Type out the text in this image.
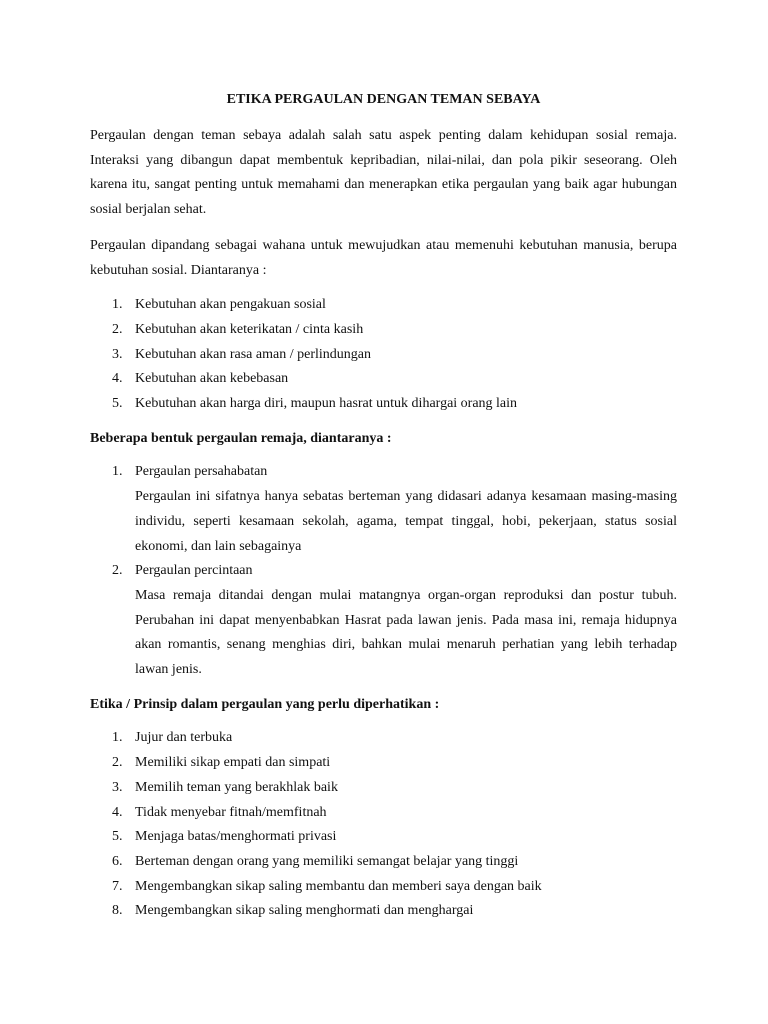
ETIKA PERGAULAN DENGAN TEMAN SEBAYA

Pergaulan dengan teman sebaya adalah salah satu aspek penting dalam kehidupan sosial remaja. Interaksi yang dibangun dapat membentuk kepribadian, nilai-nilai, dan pola pikir seseorang. Oleh karena itu, sangat penting untuk memahami dan menerapkan etika pergaulan yang baik agar hubungan sosial berjalan sehat.

Pergaulan dipandang sebagai wahana untuk mewujudkan atau memenuhi kebutuhan manusia, berupa kebutuhan sosial. Diantaranya :

1. Kebutuhan akan pengakuan sosial
2. Kebutuhan akan keterikatan / cinta kasih
3. Kebutuhan akan rasa aman / perlindungan
4. Kebutuhan akan kebebasan
5. Kebutuhan akan harga diri, maupun hasrat untuk dihargai orang lain

Beberapa bentuk pergaulan remaja, diantaranya :

1. Pergaulan persahabatan
Pergaulan ini sifatnya hanya sebatas berteman yang didasari adanya kesamaan masing-masing individu, seperti kesamaan sekolah, agama, tempat tinggal, hobi, pekerjaan, status sosial ekonomi, dan lain sebagainya
2. Pergaulan percintaan
Masa remaja ditandai dengan mulai matangnya organ-organ reproduksi dan postur tubuh. Perubahan ini dapat menyenbabkan Hasrat pada lawan jenis. Pada masa ini, remaja hidupnya akan romantis, senang menghias diri, bahkan mulai menaruh perhatian yang lebih terhadap lawan jenis.

Etika / Prinsip dalam pergaulan yang perlu diperhatikan :

1. Jujur dan terbuka
2. Memiliki sikap empati dan simpati
3. Memilih teman yang berakhlak baik
4. Tidak menyebar fitnah/memfitnah
5. Menjaga batas/menghormati privasi
6. Berteman dengan orang yang memiliki semangat belajar yang tinggi
7. Mengembangkan sikap saling membantu dan memberi saya dengan baik
8. Mengembangkan sikap saling menghormati dan menghargai
